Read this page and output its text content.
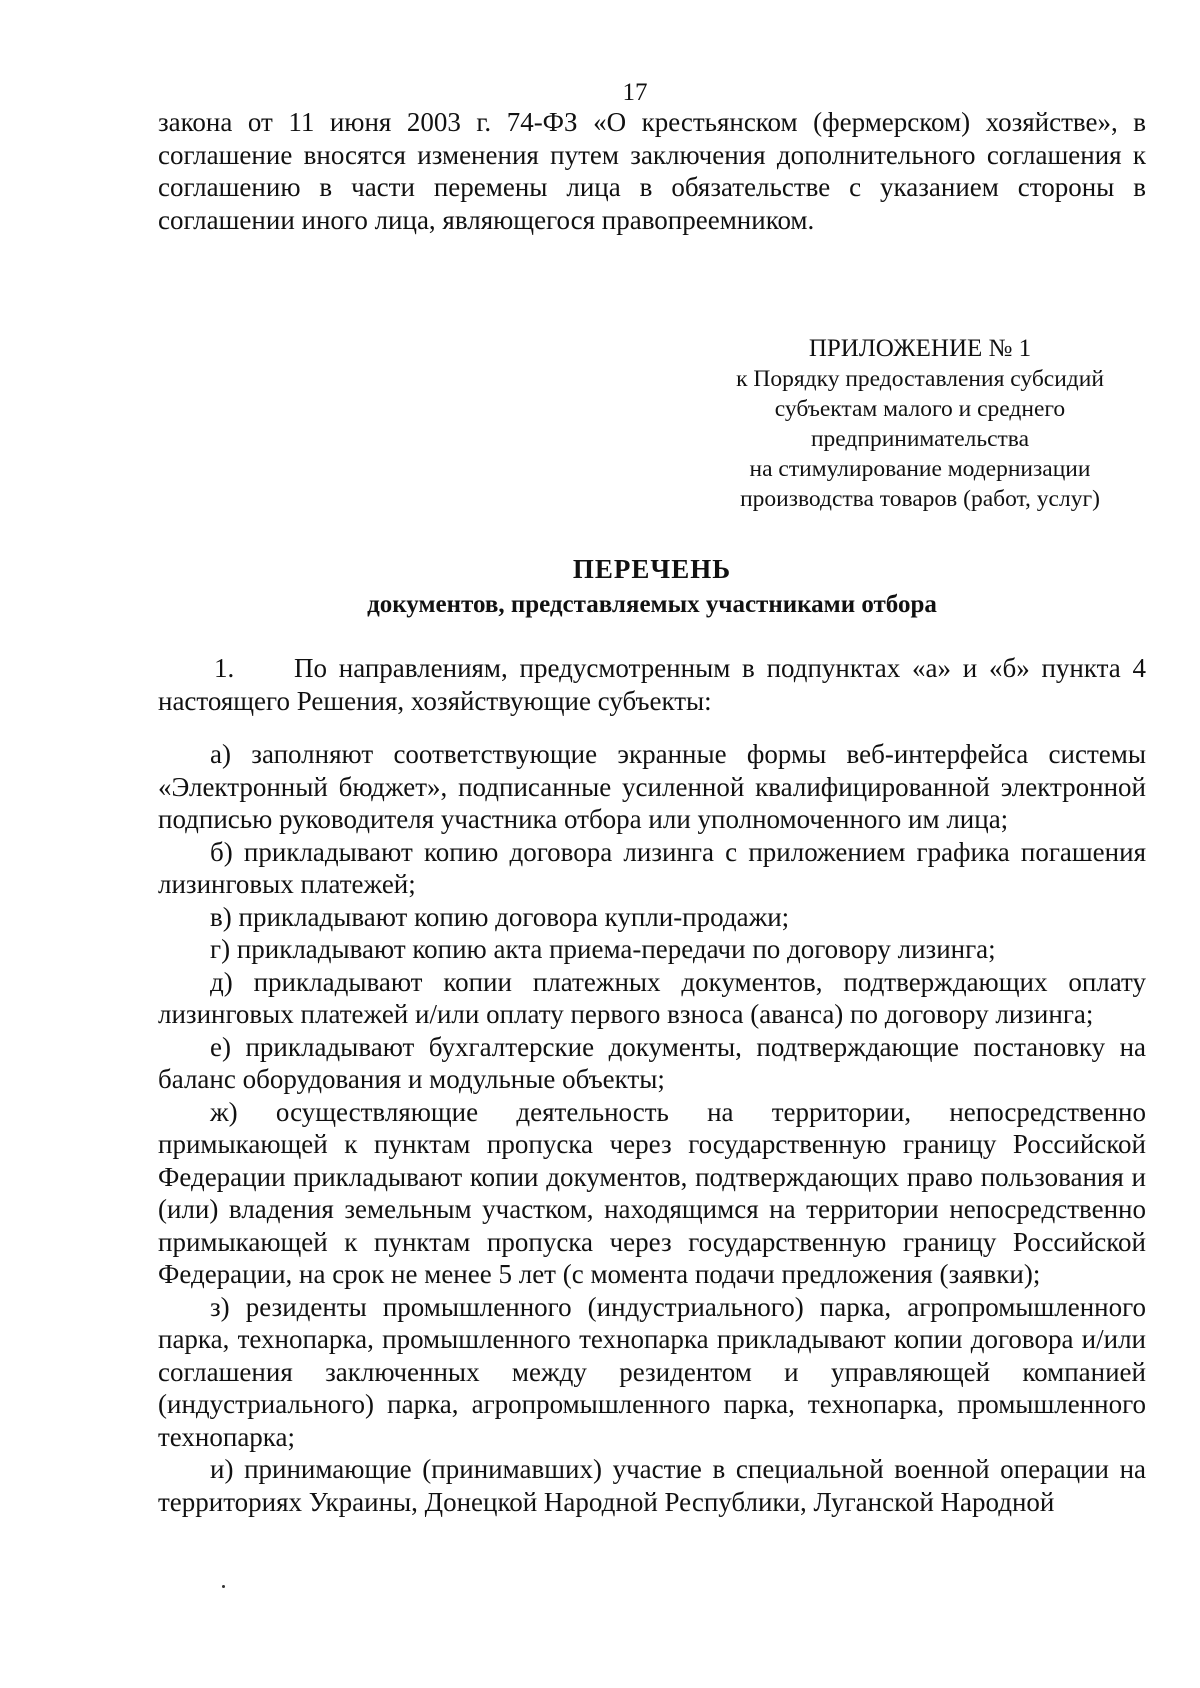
17

закона от 11 июня 2003 г. 74-ФЗ «О крестьянском (фермерском) хозяйстве», в соглашение вносятся изменения путем заключения дополнительного соглашения к соглашению в части перемены лица в обязательстве с указанием стороны в соглашении иного лица, являющегося правопреемником.

ПРИЛОЖЕНИЕ № 1
к Порядку предоставления субсидий
субъектам малого и среднего
предпринимательства
на стимулирование модернизации
производства товаров (работ, услуг)
ПЕРЕЧЕНЬ
документов, представляемых участниками отбора

1. По направлениям, предусмотренным в подпунктах «а» и «б» пункта 4 настоящего Решения, хозяйствующие субъекты:

а) заполняют соответствующие экранные формы веб-интерфейса системы «Электронный бюджет», подписанные усиленной квалифицированной электронной подписью руководителя участника отбора или уполномоченного им лица;

б) прикладывают копию договора лизинга с приложением графика погашения лизинговых платежей;

в) прикладывают копию договора купли-продажи;

г) прикладывают копию акта приема-передачи по договору лизинга;

д) прикладывают копии платежных документов, подтверждающих оплату лизинговых платежей и/или оплату первого взноса (аванса) по договору лизинга;

е) прикладывают бухгалтерские документы, подтверждающие постановку на баланс оборудования и модульные объекты;

ж) осуществляющие деятельность на территории, непосредственно примыкающей к пунктам пропуска через государственную границу Российской Федерации прикладывают копии документов, подтверждающих право пользования и (или) владения земельным участком, находящимся на территории непосредственно примыкающей к пунктам пропуска через государственную границу Российской Федерации, на срок не менее 5 лет (с момента подачи предложения (заявки);

з) резиденты промышленного (индустриального) парка, агропромышленного парка, технопарка, промышленного технопарка прикладывают копии договора и/или соглашения заключенных между резидентом и управляющей компанией (индустриального) парка, агропромышленного парка, технопарка, промышленного технопарка;

и) принимающие (принимавших) участие в специальной военной операции на территориях Украины, Донецкой Народной Республики, Луганской Народной
